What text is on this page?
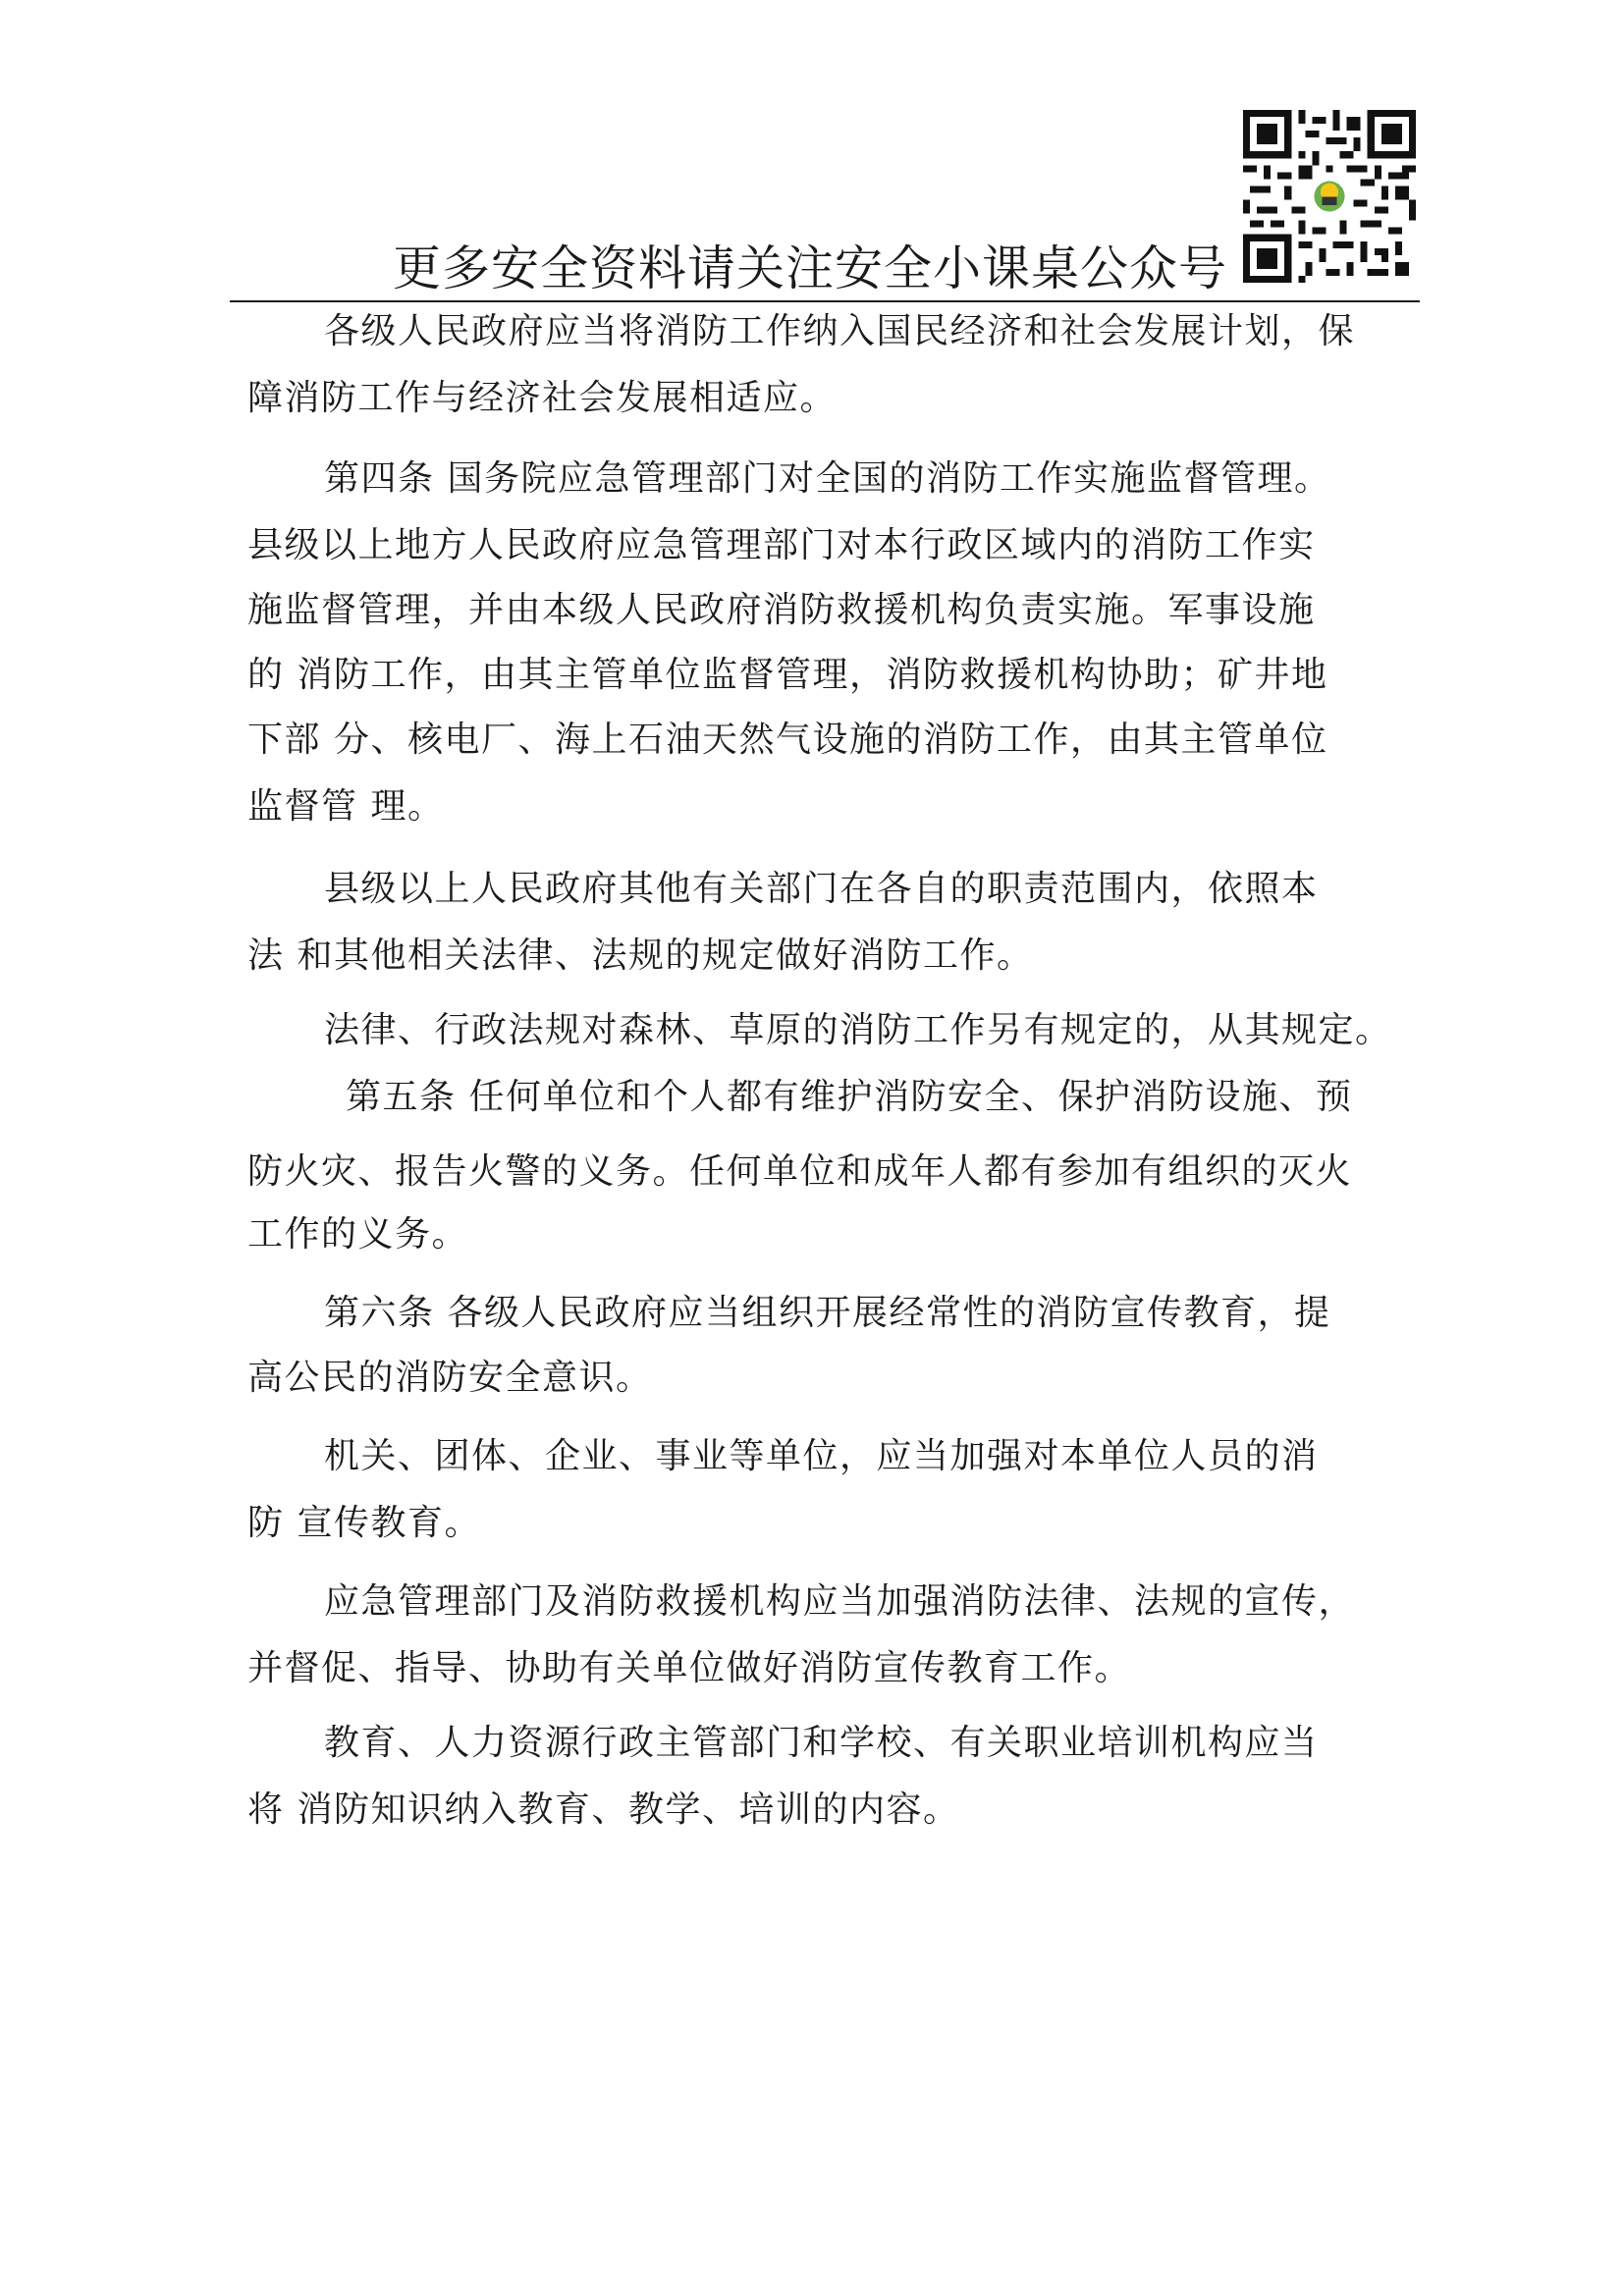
更多安全资料请关注安全小课桌公众号
各级人民政府应当将消防工作纳入国民经济和社会发展计划，保
障消防工作与经济社会发展相适应。
第四条 国务院应急管理部门对全国的消防工作实施监督管理。
县级以上地方人民政府应急管理部门对本行政区域内的消防工作实
施监督管理，并由本级人民政府消防救援机构负责实施。军事设施
的 消防工作，由其主管单位监督管理，消防救援机构协助；矿井地
下部 分、核电厂、海上石油天然气设施的消防工作，由其主管单位
监督管 理。
县级以上人民政府其他有关部门在各自的职责范围内，依照本
法 和其他相关法律、法规的规定做好消防工作。
法律、行政法规对森林、草原的消防工作另有规定的，从其规定。
第五条 任何单位和个人都有维护消防安全、保护消防设施、预
防火灾、报告火警的义务。任何单位和成年人都有参加有组织的灭火
工作的义务。
第六条 各级人民政府应当组织开展经常性的消防宣传教育，提
高公民的消防安全意识。
机关、团体、企业、事业等单位，应当加强对本单位人员的消
防 宣传教育。
应急管理部门及消防救援机构应当加强消防法律、法规的宣传，
并督促、指导、协助有关单位做好消防宣传教育工作。
教育、人力资源行政主管部门和学校、有关职业培训机构应当
将 消防知识纳入教育、教学、培训的内容。
